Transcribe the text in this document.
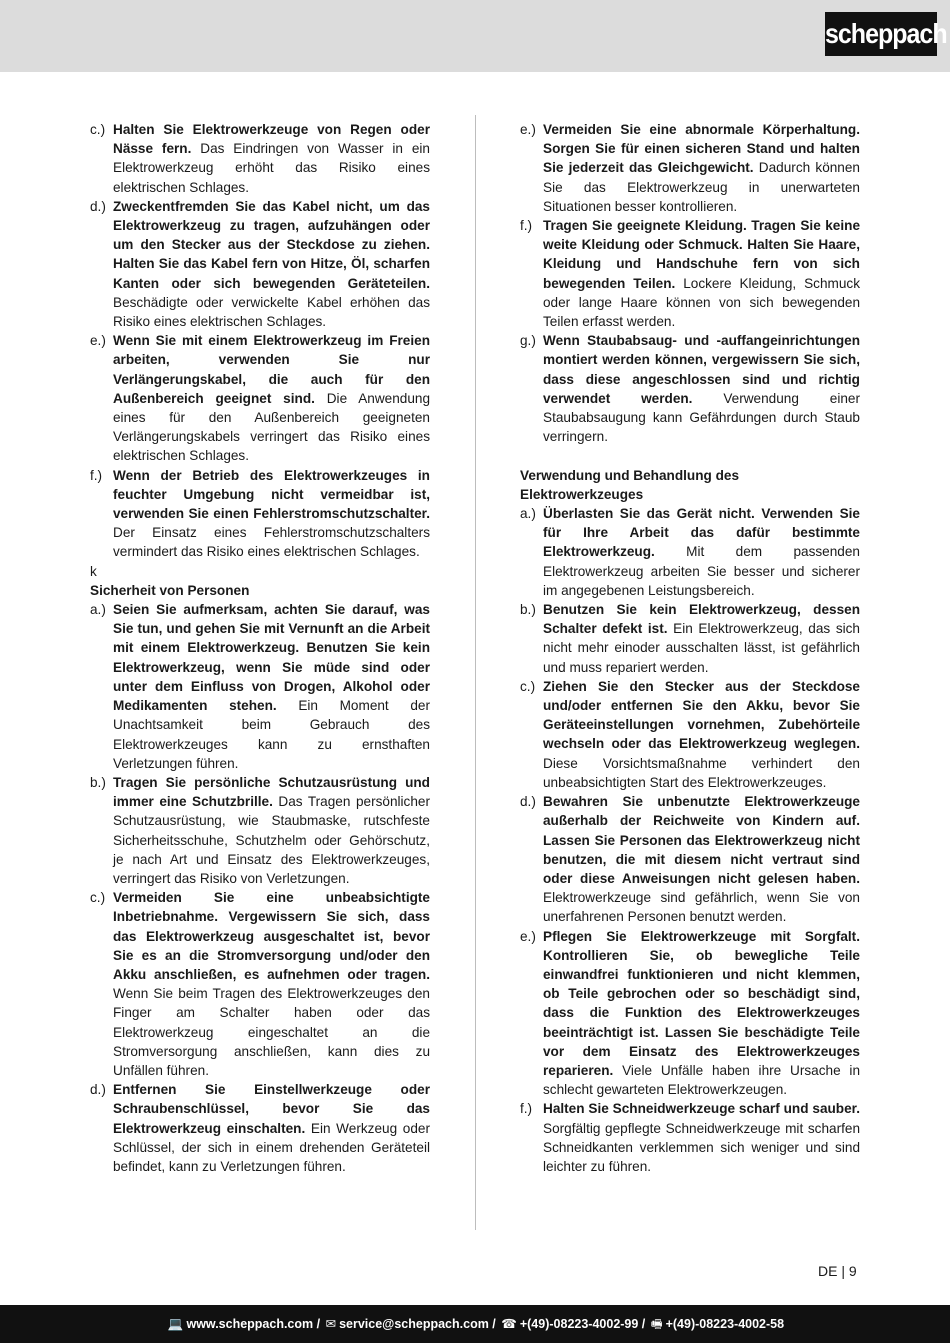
scheppach
c.) Halten Sie Elektrowerkzeuge von Regen oder Nässe fern. Das Eindringen von Wasser in ein Elektrowerkzeug erhöht das Risiko eines elektrischen Schlages.
d.) Zweckentfremden Sie das Kabel nicht, um das Elektrowerkzeug zu tragen, aufzuhängen oder um den Stecker aus der Steckdose zu ziehen. Halten Sie das Kabel fern von Hitze, Öl, scharfen Kanten oder sich bewegenden Geräteteilen. Beschädigte oder verwickelte Kabel erhöhen das Risiko eines elektrischen Schlages.
e.) Wenn Sie mit einem Elektrowerkzeug im Freien arbeiten, verwenden Sie nur Verlängerungskabel, die auch für den Außenbereich geeignet sind. Die Anwendung eines für den Außenbereich geeigneten Verlängerungskabels verringert das Risiko eines elektrischen Schlages.
f.) Wenn der Betrieb des Elektrowerkzeuges in feuchter Umgebung nicht vermeidbar ist, verwenden Sie einen Fehlerstromschutzschalter. Der Einsatz eines Fehlerstromschutzschalters vermindert das Risiko eines elektrischen Schlages.
k
Sicherheit von Personen
a.) Seien Sie aufmerksam, achten Sie darauf, was Sie tun, und gehen Sie mit Vernunft an die Arbeit mit einem Elektrowerkzeug. Benutzen Sie kein Elektrowerkzeug, wenn Sie müde sind oder unter dem Einfluss von Drogen, Alkohol oder Medikamenten stehen. Ein Moment der Unachtsamkeit beim Gebrauch des Elektrowerkzeuges kann zu ernsthaften Verletzungen führen.
b.) Tragen Sie persönliche Schutzausrüstung und immer eine Schutzbrille. Das Tragen persönlicher Schutzausrüstung, wie Staubmaske, rutschfeste Sicherheitsschuhe, Schutzhelm oder Gehörschutz, je nach Art und Einsatz des Elektrowerkzeuges, verringert das Risiko von Verletzungen.
c.) Vermeiden Sie eine unbeabsichtigte Inbetriebnahme. Vergewissern Sie sich, dass das Elektrowerkzeug ausgeschaltet ist, bevor Sie es an die Stromversorgung und/oder den Akku anschließen, es aufnehmen oder tragen. Wenn Sie beim Tragen des Elektrowerkzeuges den Finger am Schalter haben oder das Elektrowerkzeug eingeschaltet an die Stromversorgung anschließen, kann dies zu Unfällen führen.
d.) Entfernen Sie Einstellwerkzeuge oder Schraubenschlüssel, bevor Sie das Elektrowerkzeug einschalten. Ein Werkzeug oder Schlüssel, der sich in einem drehenden Geräteteil befindet, kann zu Verletzungen führen.
e.) Vermeiden Sie eine abnormale Körperhaltung. Sorgen Sie für einen sicheren Stand und halten Sie jederzeit das Gleichgewicht. Dadurch können Sie das Elektrowerkzeug in unerwarteten Situationen besser kontrollieren.
f.) Tragen Sie geeignete Kleidung. Tragen Sie keine weite Kleidung oder Schmuck. Halten Sie Haare, Kleidung und Handschuhe fern von sich bewegenden Teilen. Lockere Kleidung, Schmuck oder lange Haare können von sich bewegenden Teilen erfasst werden.
g.) Wenn Staubabsaug- und -auffangeinrichtungen montiert werden können, vergewissern Sie sich, dass diese angeschlossen sind und richtig verwendet werden. Verwendung einer Staubabsaugung kann Gefährdungen durch Staub verringern.
Verwendung und Behandlung des Elektrowerkzeuges
a.) Überlasten Sie das Gerät nicht. Verwenden Sie für Ihre Arbeit das dafür bestimmte Elektrowerkzeug. Mit dem passenden Elektrowerkzeug arbeiten Sie besser und sicherer im angegebenen Leistungsbereich.
b.) Benutzen Sie kein Elektrowerkzeug, dessen Schalter defekt ist. Ein Elektrowerkzeug, das sich nicht mehr einoder ausschalten lässt, ist gefährlich und muss repariert werden.
c.) Ziehen Sie den Stecker aus der Steckdose und/oder entfernen Sie den Akku, bevor Sie Geräteeinstellungen vornehmen, Zubehörteile wechseln oder das Elektrowerkzeug weglegen. Diese Vorsichtsmaßnahme verhindert den unbeabsichtigten Start des Elektrowerkzeuges.
d.) Bewahren Sie unbenutzte Elektrowerkzeuge außerhalb der Reichweite von Kindern auf. Lassen Sie Personen das Elektrowerkzeug nicht benutzen, die mit diesem nicht vertraut sind oder diese Anweisungen nicht gelesen haben. Elektrowerkzeuge sind gefährlich, wenn Sie von unerfahrenen Personen benutzt werden.
e.) Pflegen Sie Elektrowerkzeuge mit Sorgfalt. Kontrollieren Sie, ob bewegliche Teile einwandfrei funktionieren und nicht klemmen, ob Teile gebrochen oder so beschädigt sind, dass die Funktion des Elektrowerkzeuges beeinträchtigt ist. Lassen Sie beschädigte Teile vor dem Einsatz des Elektrowerkzeuges reparieren. Viele Unfälle haben ihre Ursache in schlecht gewarteten Elektrowerkzeugen.
f.) Halten Sie Schneidwerkzeuge scharf und sauber. Sorgfältig gepflegte Schneidwerkzeuge mit scharfen Schneidkanten verklemmen sich weniger und sind leichter zu führen.
DE | 9
💻 www.scheppach.com / ✉ service@scheppach.com / ☎ +(49)-08223-4002-99 / 🖷 +(49)-08223-4002-58
